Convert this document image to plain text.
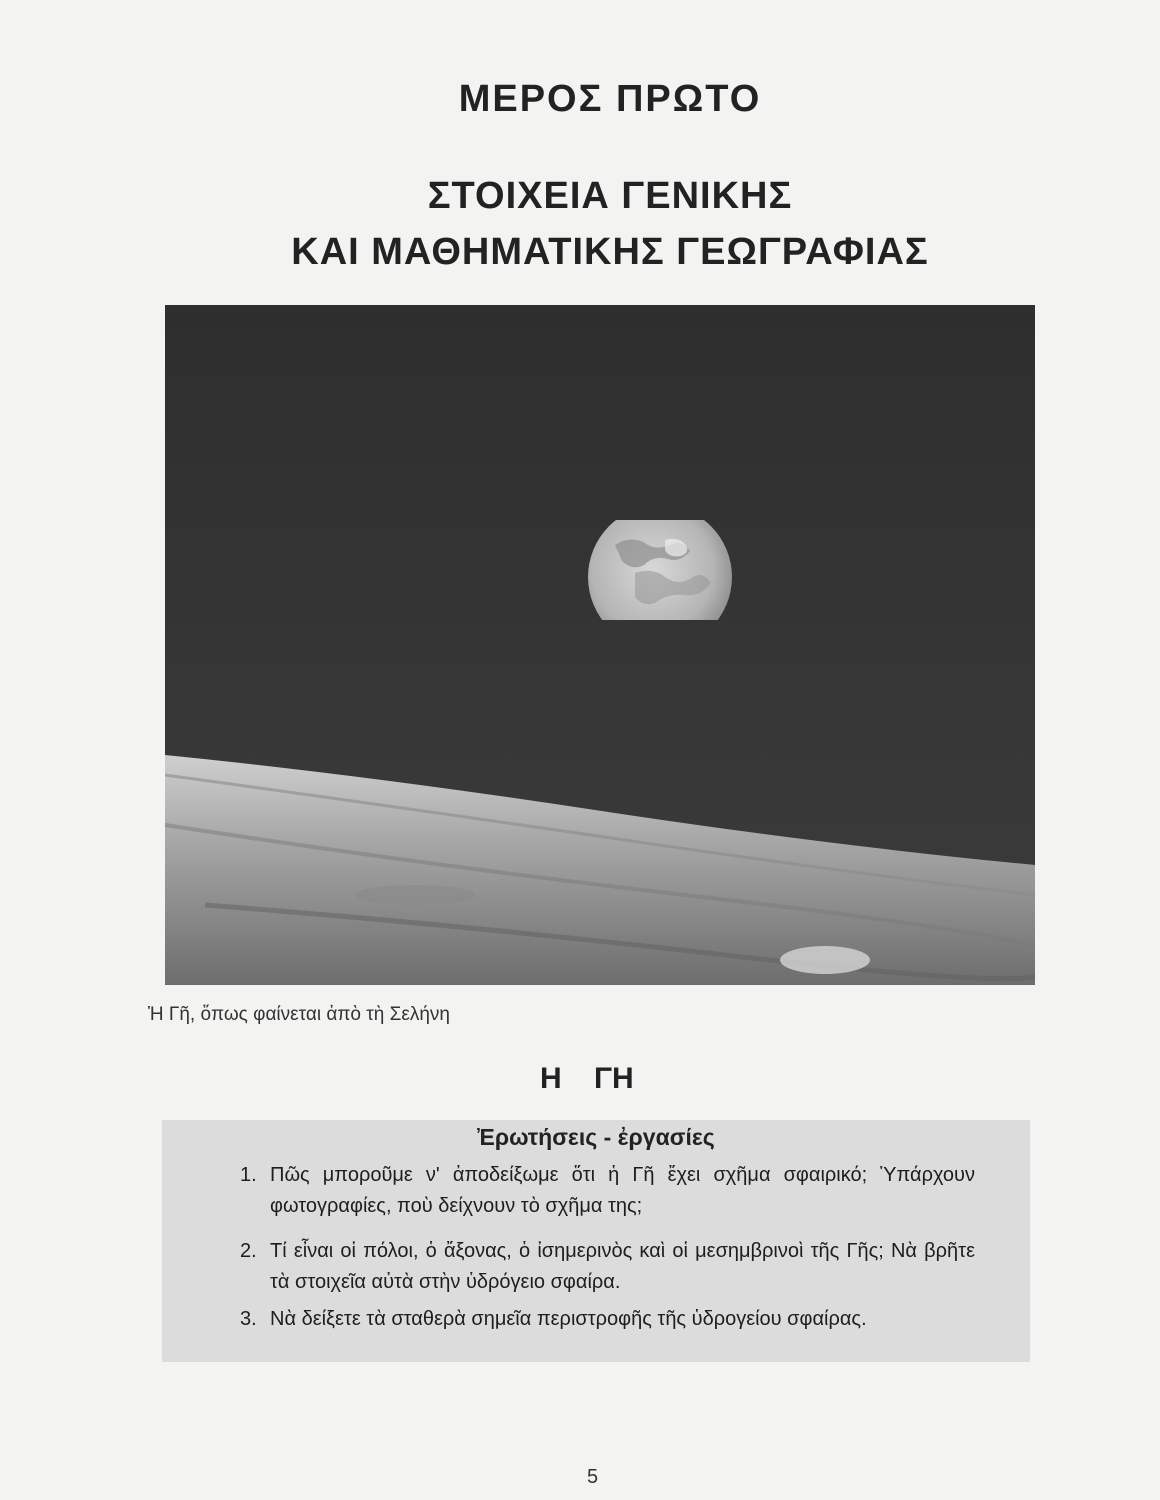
ΜΕΡΟΣ ΠΡΩΤΟ
ΣΤΟΙΧΕΙΑ ΓΕΝΙΚΗΣ
ΚΑΙ ΜΑΘΗΜΑΤΙΚΗΣ ΓΕΩΓΡΑΦΙΑΣ
Ἡ Γῆ, ὅπως φαίνεται ἀπὸ τὴ Σελήνη
Η ΓΗ
Ἐρωτήσεις - ἐργασίες
1. Πῶς μποροῦμε ν' ἀποδείξωμε ὅτι ἡ Γῆ ἔχει σχῆμα σφαιρικό; Ὑπάρχουν φωτογραφίες, ποὺ δείχνουν τὸ σχῆμα της;
2. Τί εἶναι οἱ πόλοι, ὁ ἄξονας, ὁ ἰσημερινὸς καὶ οἱ μεσημβρινοὶ τῆς Γῆς; Νὰ βρῆτε τὰ στοιχεῖα αὐτὰ στὴν ὑδρόγειο σφαίρα.
3. Νὰ δείξετε τὰ σταθερὰ σημεῖα περιστροφῆς τῆς ὑδρογείου σφαίρας.
5
